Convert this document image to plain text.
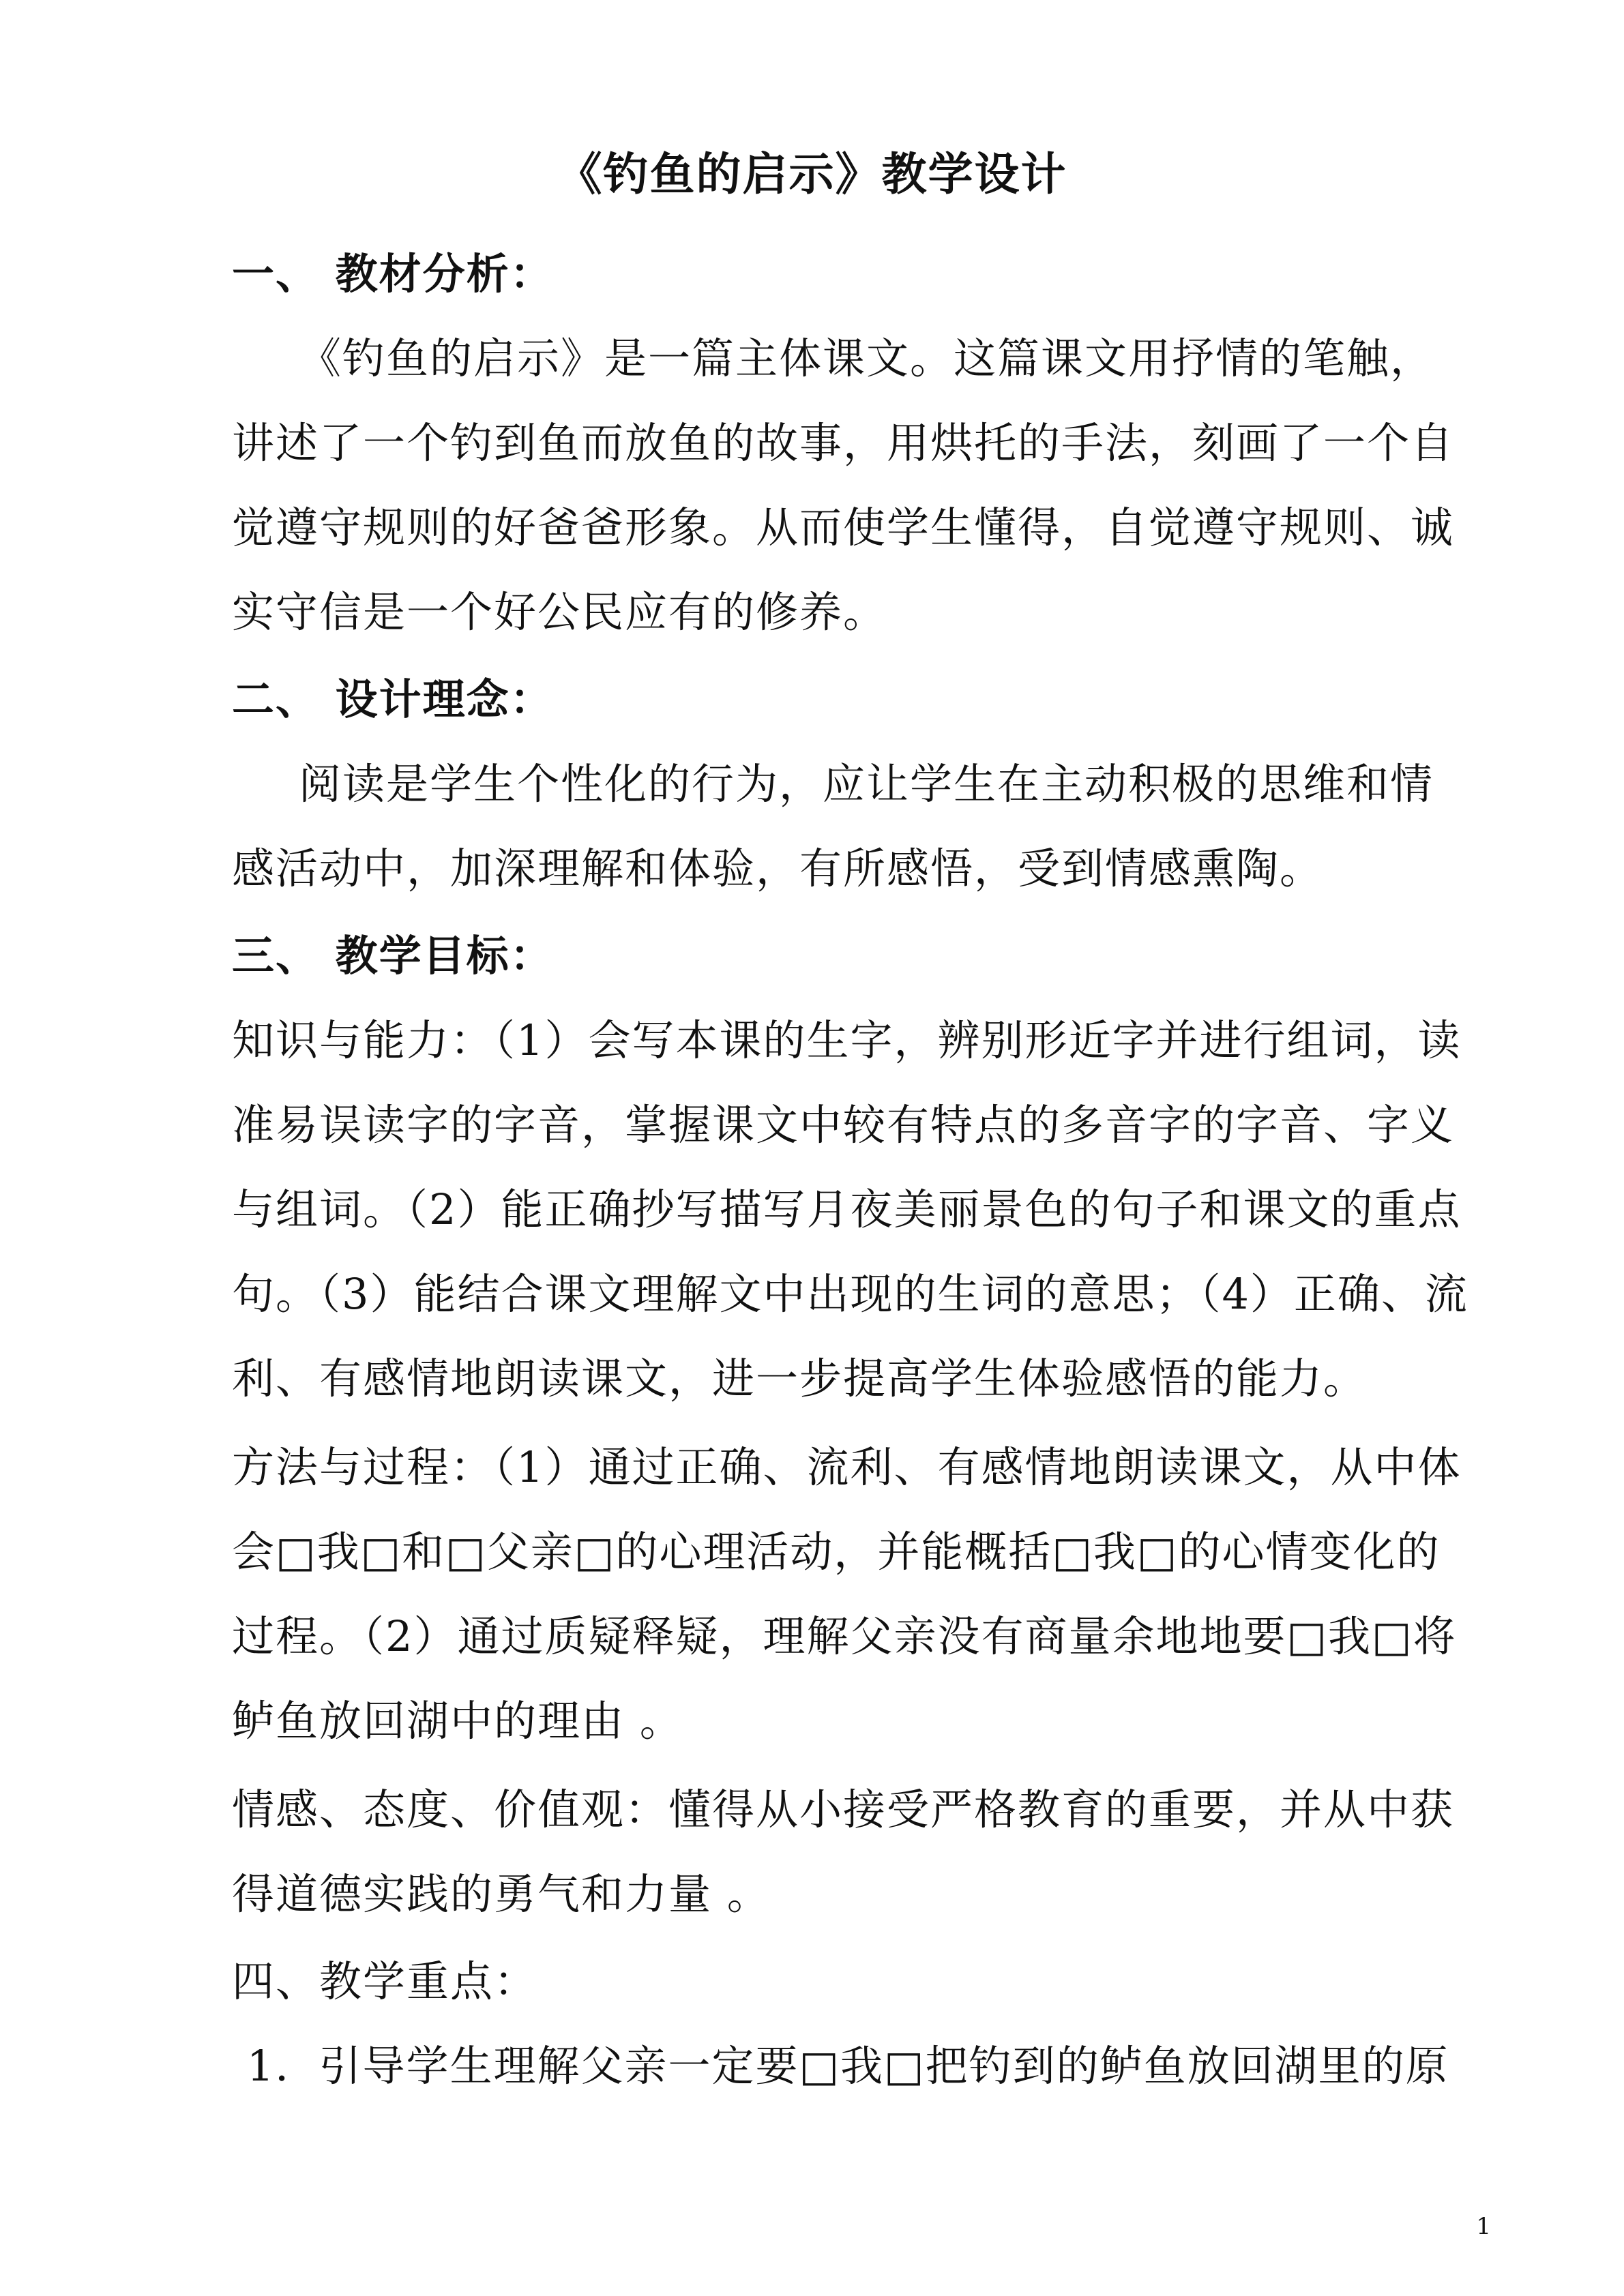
《钓鱼的启示》教学设计
一、 教材分析：

《钓鱼的启示》是一篇主体课文。这篇课文用抒情的笔触，讲述了一个钓到鱼而放鱼的故事，用烘托的手法，刻画了一个自觉遵守规则的好爸爸形象。从而使学生懂得，自觉遵守规则、诚实守信是一个好公民应有的修养。

二、 设计理念：

阅读是学生个性化的行为，应让学生在主动积极的思维和情感活动中，加深理解和体验，有所感悟，受到情感熏陶。

三、 教学目标：

知识与能力：（1）会写本课的生字，辨别形近字并进行组词，读准易误读字的字音，掌握课文中较有特点的多音字的字音、字义与组词。（2）能正确抄写描写月夜美丽景色的句子和课文的重点句。（3）能结合课文理解文中出现的生词的意思；（4）正确、流利、有感情地朗读课文，进一步提高学生体验感悟的能力。

方法与过程：（1）通过正确、流利、有感情地朗读课文，从中体会□我□和□父亲□的心理活动，并能概括□我□的心情变化的过程。（2）通过质疑释疑，理解父亲没有商量余地地要□我□将鲈鱼放回湖中的理由 。

情感、态度、价值观：懂得从小接受严格教育的重要，并从中获得道德实践的勇气和力量 。

四、教学重点：

1．引导学生理解父亲一定要□我□把钓到的鲈鱼放回湖里的原

1
